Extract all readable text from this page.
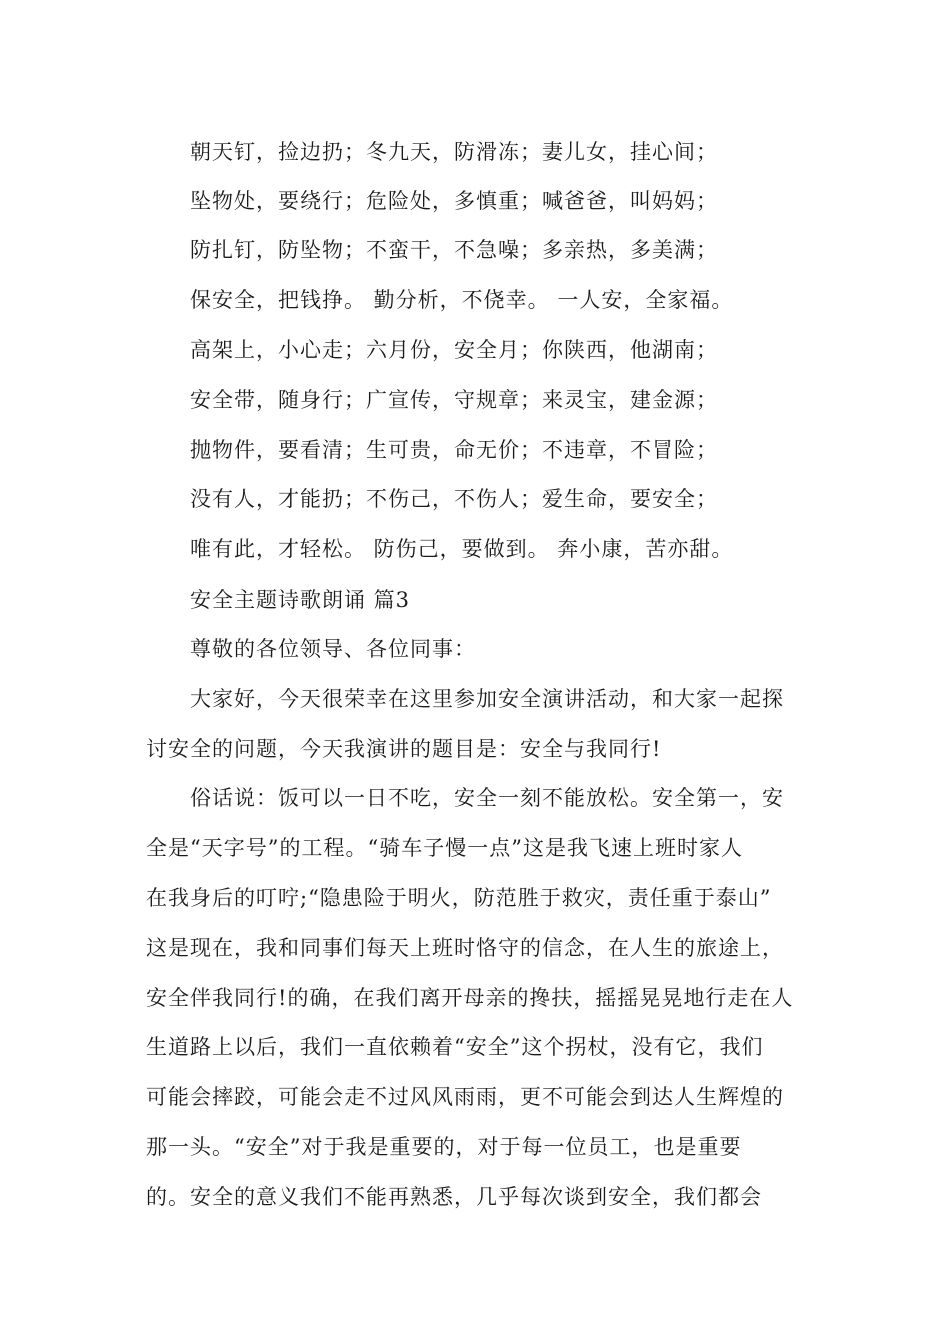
朝天钉，捡边扔；冬九天，防滑冻；妻儿女，挂心间；
坠物处，要绕行；危险处，多慎重；喊爸爸，叫妈妈；
防扎钉，防坠物；不蛮干，不急噪；多亲热，多美满；
保安全，把钱挣。 勤分析，不侥幸。 一人安，全家福。
高架上，小心走；六月份，安全月；你陕西，他湖南；
安全带，随身行；广宣传，守规章；来灵宝，建金源；
抛物件，要看清；生可贵，命无价；不违章，不冒险；
没有人，才能扔；不伤己，不伤人；爱生命，要安全；
唯有此，才轻松。 防伤己，要做到。 奔小康，苦亦甜。
安全主题诗歌朗诵 篇3
尊敬的各位领导、各位同事：
大家好，今天很荣幸在这里参加安全演讲活动，和大家一起探
讨安全的问题，今天我演讲的题目是：安全与我同行!
俗话说：饭可以一日不吃，安全一刻不能放松。安全第一，安
全是“天字号”的工程。“骑车子慢一点”这是我飞速上班时家人
在我身后的叮咛;“隐患险于明火，防范胜于救灾，责任重于泰山”
这是现在，我和同事们每天上班时恪守的信念，在人生的旅途上，
安全伴我同行!的确，在我们离开母亲的搀扶，摇摇晃晃地行走在人
生道路上以后，我们一直依赖着“安全”这个拐杖，没有它，我们
可能会摔跤，可能会走不过风风雨雨，更不可能会到达人生辉煌的
那一头。“安全”对于我是重要的，对于每一位员工，也是重要
的。安全的意义我们不能再熟悉，几乎每次谈到安全，我们都会
